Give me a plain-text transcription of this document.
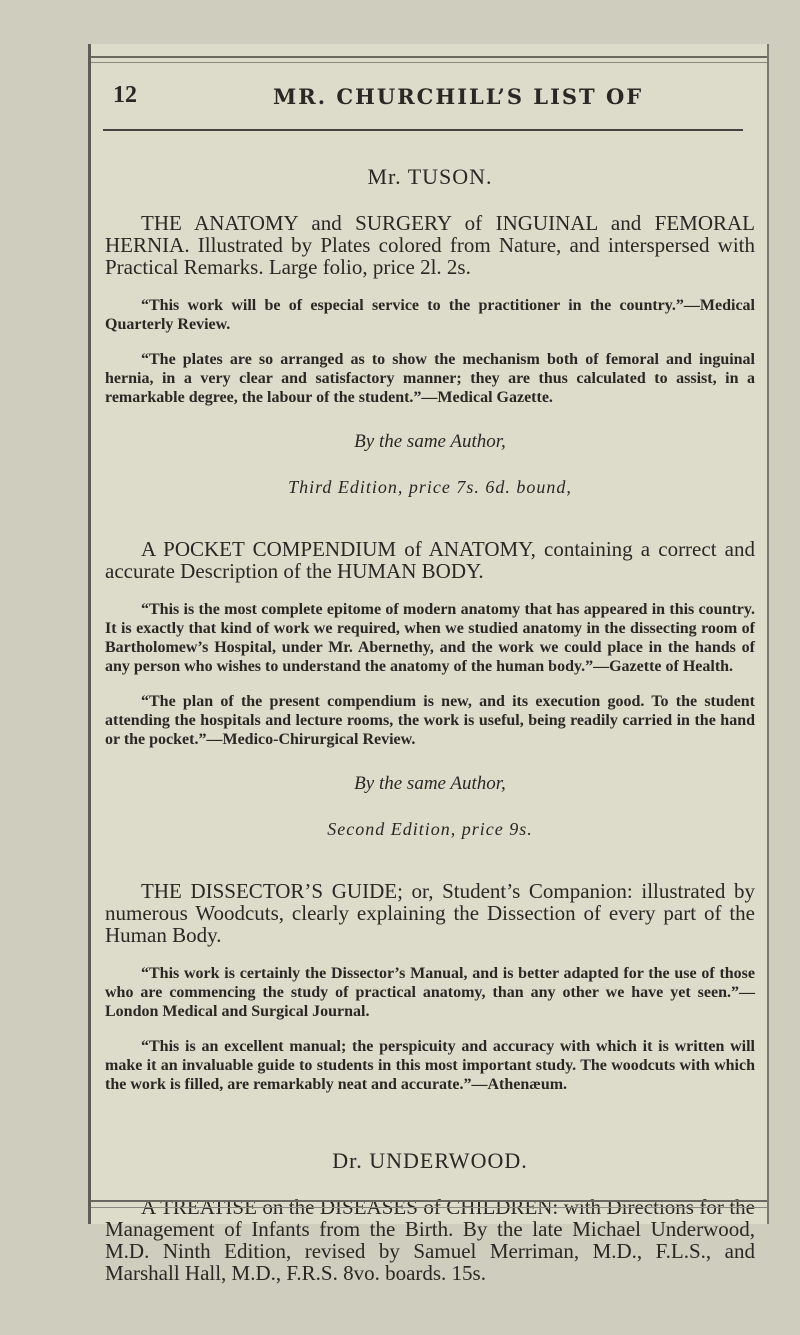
12	MR. CHURCHILL’S LIST OF
Mr. TUSON.

THE ANATOMY and SURGERY of INGUINAL and FEMORAL HERNIA. Illustrated by Plates colored from Nature, and interspersed with Practical Remarks. Large folio, price 2l. 2s.

“This work will be of especial service to the practitioner in the country.”—Medical Quarterly Review.

“The plates are so arranged as to show the mechanism both of femoral and inguinal hernia, in a very clear and satisfactory manner; they are thus calculated to assist, in a remarkable degree, the labour of the student.”—Medical Gazette.

By the same Author,
Third Edition, price 7s. 6d. bound,

A POCKET COMPENDIUM of ANATOMY, containing a correct and accurate Description of the HUMAN BODY.

“This is the most complete epitome of modern anatomy that has appeared in this country. It is exactly that kind of work we required, when we studied anatomy in the dissecting room of Bartholomew’s Hospital, under Mr. Abernethy, and the work we could place in the hands of any person who wishes to understand the anatomy of the human body.”—Gazette of Health.

“The plan of the present compendium is new, and its execution good. To the student attending the hospitals and lecture rooms, the work is useful, being readily carried in the hand or the pocket.”—Medico-Chirurgical Review.

By the same Author,
Second Edition, price 9s.

THE DISSECTOR’S GUIDE; or, Student’s Companion: illustrated by numerous Woodcuts, clearly explaining the Dissection of every part of the Human Body.

“This work is certainly the Dissector’s Manual, and is better adapted for the use of those who are commencing the study of practical anatomy, than any other we have yet seen.”—London Medical and Surgical Journal.

“This is an excellent manual; the perspicuity and accuracy with which it is written will make it an invaluable guide to students in this most important study. The woodcuts with which the work is filled, are remarkably neat and accurate.”—Athenæum.

Dr. UNDERWOOD.

A TREATISE on the DISEASES of CHILDREN: with Directions for the Management of Infants from the Birth. By the late Michael Underwood, M.D. Ninth Edition, revised by Samuel Merriman, M.D., F.L.S., and Marshall Hall, M.D., F.R.S. 8vo. boards. 15s.
